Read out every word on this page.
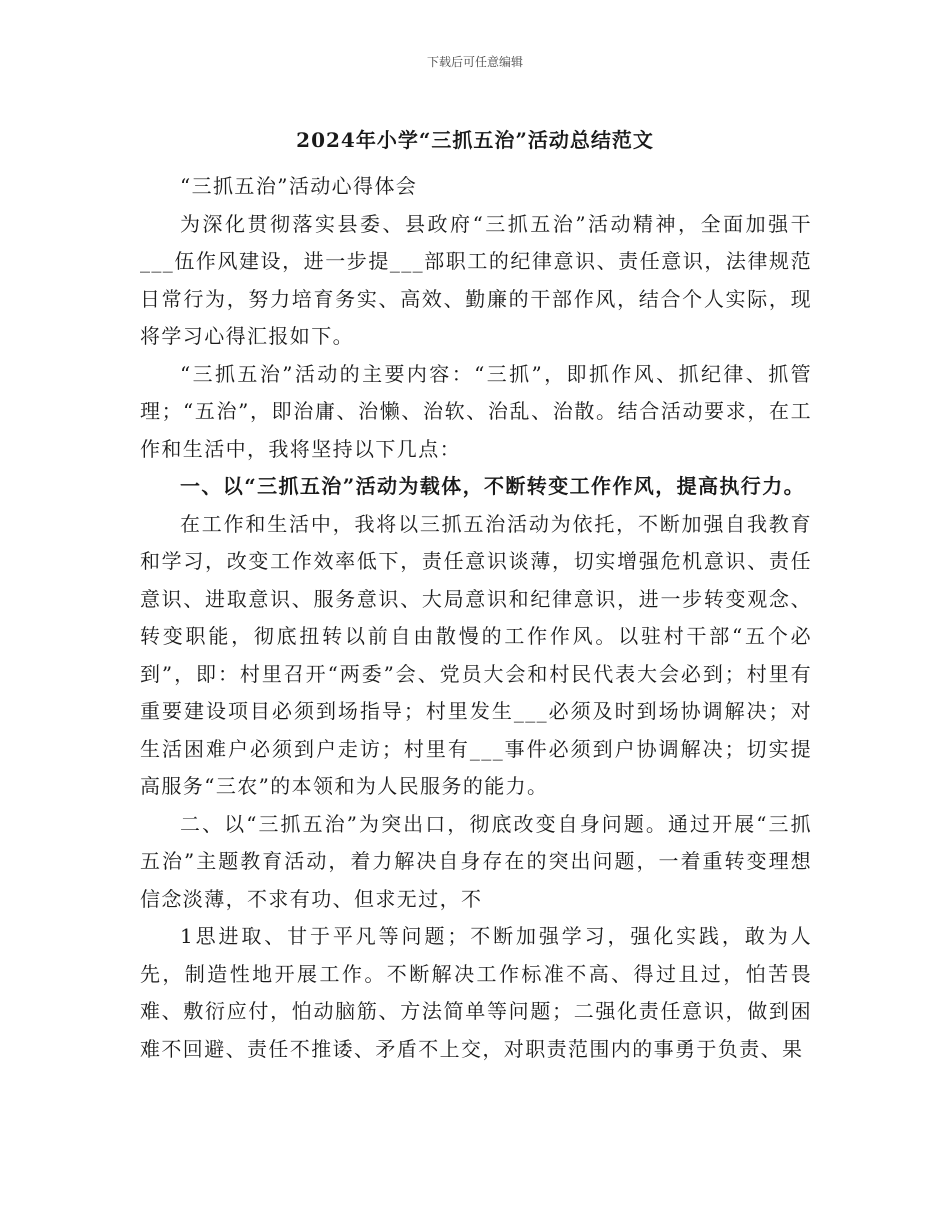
下载后可任意编辑
2024年小学“三抓五治”活动总结范文

“三抓五治”活动心得体会

为深化贯彻落实县委、县政府“三抓五治”活动精神，全面加强干___伍作风建设，进一步提___部职工的纪律意识、责任意识，法律规范日常行为，努力培育务实、高效、勤廉的干部作风，结合个人实际，现将学习心得汇报如下。

“三抓五治”活动的主要内容：“三抓”，即抓作风、抓纪律、抓管理；“五治”，即治庸、治懒、治软、治乱、治散。结合活动要求，在工作和生活中，我将坚持以下几点：

一、以“三抓五治”活动为载体，不断转变工作作风，提高执行力。

在工作和生活中，我将以三抓五治活动为依托，不断加强自我教育和学习，改变工作效率低下，责任意识谈薄，切实增强危机意识、责任意识、进取意识、服务意识、大局意识和纪律意识，进一步转变观念、转变职能，彻底扭转以前自由散慢的工作作风。以驻村干部“五个必到”，即：村里召开“两委”会、党员大会和村民代表大会必到；村里有重要建设项目必须到场指导；村里发生___必须及时到场协调解决；对生活困难户必须到户走访；村里有___事件必须到户协调解决；切实提高服务“三农”的本领和为人民服务的能力。

二、以“三抓五治”为突出口，彻底改变自身问题。通过开展“三抓五治”主题教育活动，着力解决自身存在的突出问题，一着重转变理想信念淡薄，不求有功、但求无过，不

1思进取、甘于平凡等问题；不断加强学习，强化实践，敢为人先，制造性地开展工作。不断解决工作标准不高、得过且过，怕苦畏难、敷衍应付，怕动脑筋、方法简单等问题；二强化责任意识，做到困难不回避、责任不推诿、矛盾不上交，对职责范围内的事勇于负责、果
